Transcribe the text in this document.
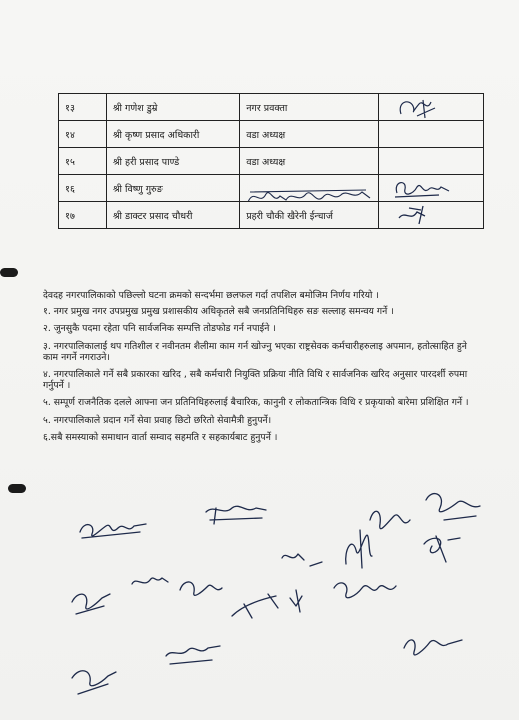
१३	श्री गणेश डुम्रे	नगर प्रवक्ता	

१४	श्री कृष्ण प्रसाद अधिकारी	वडा अध्यक्ष	
१५	श्री हरी प्रसाद पाण्डे	वडा अध्यक्ष	
१६	श्री विष्णु गुरुङ	

१७	श्री डाक्टर प्रसाद चौधरी	प्रहरी चौकी खैरेनी ईन्चार्ज	

देवदह नगरपालिकाको पछिल्लो घटना क्रमको सन्दर्भमा छलफल गर्दा तपशिल बमोजिम निर्णय गरियो ।

१. नगर प्रमुख नगर उपप्रमुख प्रमुख प्रशासकीय अधिकृतले सबै जनप्रतिनिधिहरु सङ सल्लाह समन्वय गर्ने ।

२. जुनसुकै पदमा रहेता पनि सार्वजनिक सम्पत्ति तोडफोड गर्न नपाईने ।

३. नगरपालिकालाई थप गतिशील र नवीनतम शैलीमा काम गर्न खोज्नु भएका राष्ट्रसेवक कर्मचारीहरुलाइ अपमान, हतोत्साहित हुने काम नगर्ने नगराउने।

४. नगरपालिकाले गर्ने सबै प्रकारका खरिद , सबै कर्मचारी नियुक्ति प्रक्रिया नीति विधि र सार्वजनिक खरिद अनुसार पारदर्शी रुपमा गर्नुपर्ने ।

५. सम्पूर्ण राजनैतिक दलले आफ्ना जन प्रतिनिधिहरुलाई बैचारिक, कानुनी र लोकतान्त्रिक विधि र प्रकृयाको बारेमा प्रशिक्षित गर्ने ।

५. नगरपालिकाले प्रदान गर्ने सेवा प्रवाह छिटो छरितो सेवामैत्री हुनुपर्ने।

६.सबै समस्याको समाधान वार्ता सम्वाद सहमति र सहकार्यबाट हुनुपर्ने ।
